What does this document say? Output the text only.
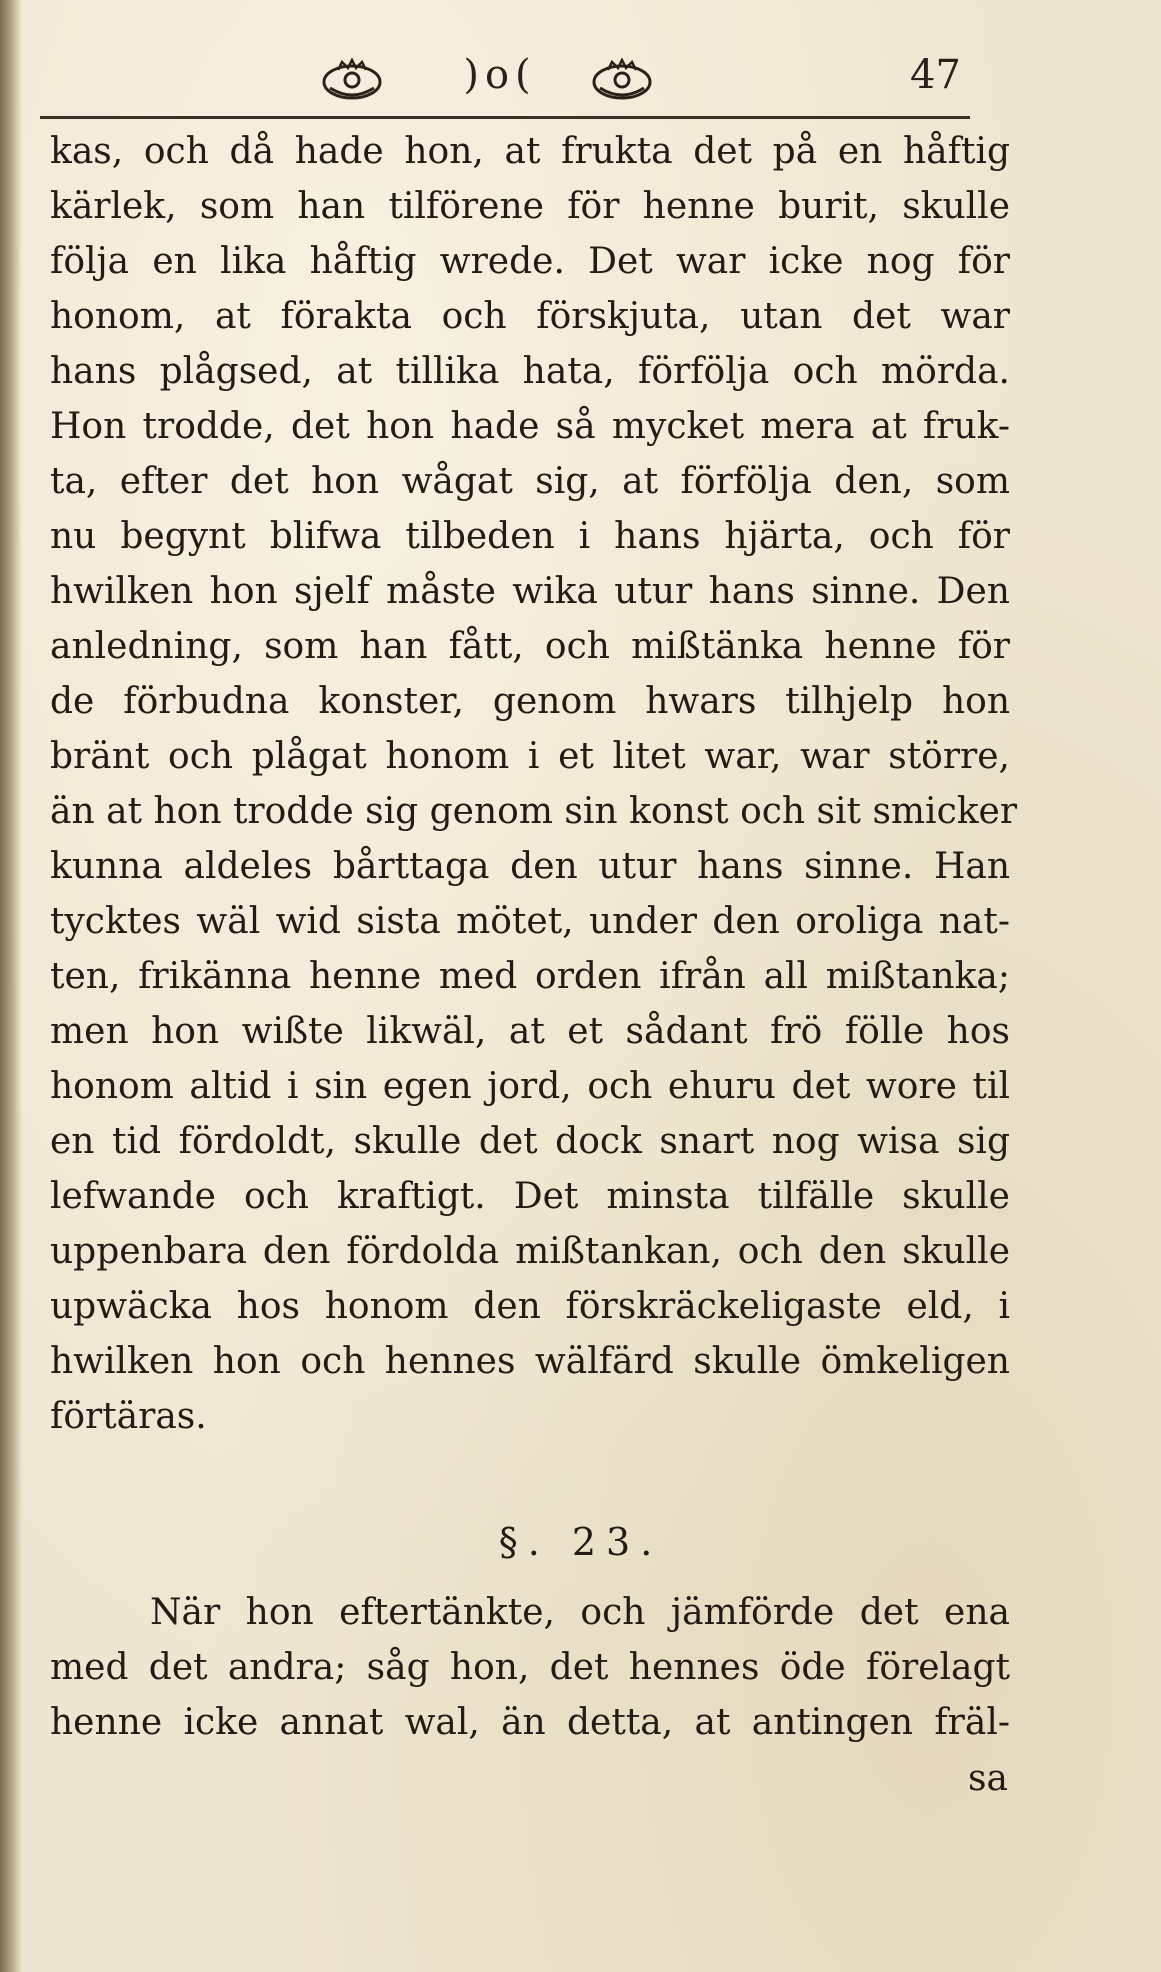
)o(	47
kas, och då hade hon, at frukta det på en håftig
kärlek, som han tilförene för henne burit, skulle
följa en lika håftig wrede. Det war icke nog för
honom, at förakta och förskjuta, utan det war
hans plågsed, at tillika hata, förfölja och mörda.
Hon trodde, det hon hade så mycket mera at fruk-
ta, efter det hon wågat sig, at förfölja den, som
nu begynt blifwa tilbeden i hans hjärta, och för
hwilken hon sjelf måste wika utur hans sinne. Den
anledning, som han fått, och mißtänka henne för
de förbudna konster, genom hwars tilhjelp hon
bränt och plågat honom i et litet war, war större,
än at hon trodde sig genom sin konst och sit smicker
kunna aldeles bårttaga den utur hans sinne. Han
tycktes wäl wid sista mötet, under den oroliga nat-
ten, frikänna henne med orden ifrån all mißtanka;
men hon wißte likwäl, at et sådant frö fölle hos
honom altid i sin egen jord, och ehuru det wore til
en tid fördoldt, skulle det dock snart nog wisa sig
lefwande och kraftigt. Det minsta tilfälle skulle
uppenbara den fördolda mißtankan, och den skulle
upwäcka hos honom den förskräckeligaste eld, i
hwilken hon och hennes wälfärd skulle ömkeligen
förtäras.
§. 23.
När hon eftertänkte, och jämförde det ena
med det andra; såg hon, det hennes öde förelagt
henne icke annat wal, än detta, at antingen fräl-
sa
